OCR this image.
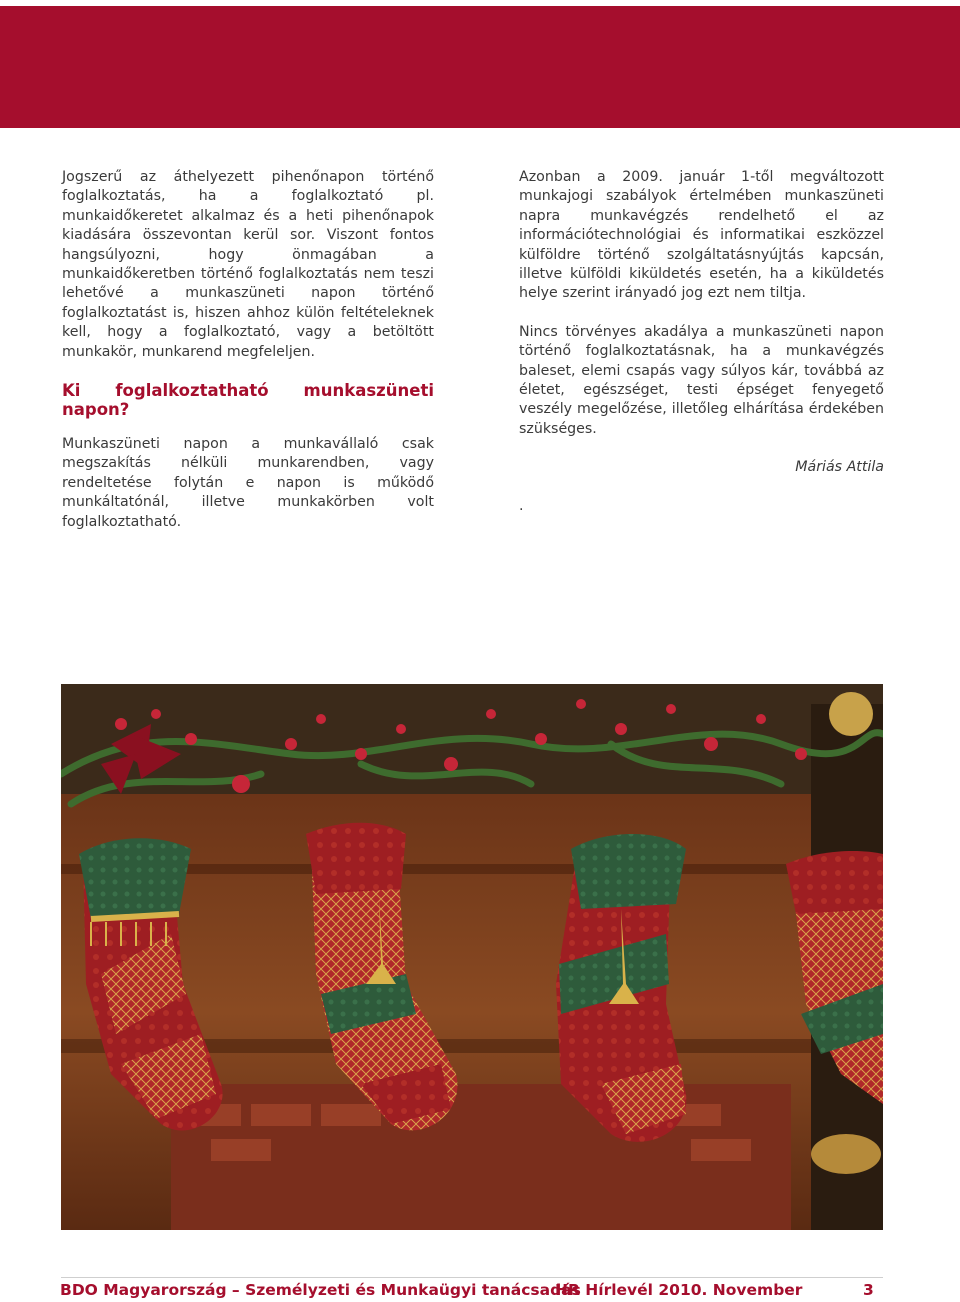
Jogszerű az áthelyezett pihenőnapon történő foglalkoztatás, ha a foglalkoztató pl. munkaidőkeretet alkalmaz és a heti pihenőnapok kiadására összevontan kerül sor. Viszont fontos hangsúlyozni, hogy önmagában a munkaidőkeretben történő foglalkoztatás nem teszi lehetővé a munkaszüneti napon történő foglalkoztatást is, hiszen ahhoz külön feltételeknek kell, hogy a foglalkoztató, vagy a betöltött munkakör, munkarend megfeleljen.

Ki foglalkoztatható munkaszüneti napon?

Munkaszüneti napon a munkavállaló csak megszakítás nélküli munkarendben, vagy rendeltetése folytán e napon is működő munkáltatónál, illetve munkakörben volt foglalkoztatható.

Azonban a 2009. január 1-től megváltozott munkajogi szabályok értelmében munkaszüneti napra munkavégzés rendelhető el az információtechnológiai és informatikai eszközzel külföldre történő szolgáltatásnyújtás kapcsán, illetve külföldi kiküldetés esetén, ha a kiküldetés helye szerint irányadó jog ezt nem tiltja.

Nincs törvényes akadálya a munkaszüneti napon történő foglalkoztatásnak, ha a munkavégzés baleset, elemi csapás vagy súlyos kár, továbbá az életet, egészséget, testi épséget fenyegető veszély megelőzése, illetőleg elhárítása érdekében szükséges.

Máriás Attila

.

BDO Magyarország – Személyzeti és Munkaügyi tanácsadás
HR Hírlevél 2010. November	3
